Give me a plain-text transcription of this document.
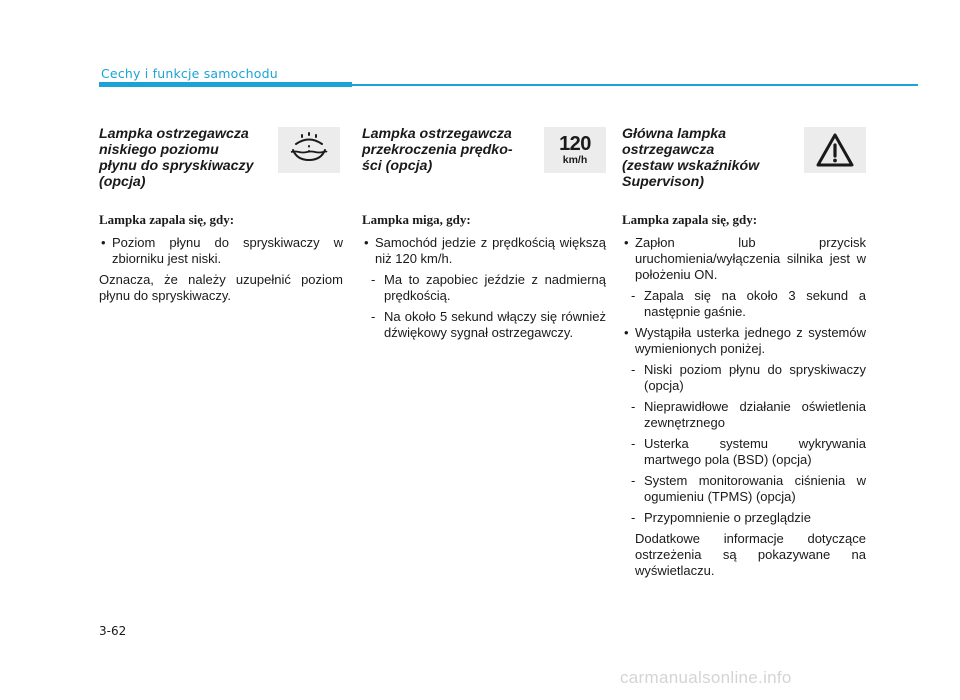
Cechy i funkcje samochodu
Lampka ostrzegawcza
niskiego poziomu
płynu do spryskiwaczy
(opcja)
Lampka zapala się, gdy:
• Poziom płynu do spryskiwaczy w zbiorniku jest niski.
Oznacza, że należy uzupełnić poziom płynu do spryskiwaczy.
Lampka ostrzegawcza
przekroczenia prędko-
ści (opcja)
120
km/h
Lampka miga, gdy:
• Samochód jedzie z prędkością większą niż 120 km/h.
- Ma to zapobiec jeździe z nadmierną prędkością.
- Na około 5 sekund włączy się również dźwiękowy sygnał ostrzegawczy.
Główna lampka
ostrzegawcza
(zestaw wskaźników
Supervison)
Lampka zapala się, gdy:
• Zapłon lub przycisk uruchomienia/wyłączenia silnika jest w położeniu ON.
- Zapala się na około 3 sekund a następnie gaśnie.
• Wystąpiła usterka jednego z systemów wymienionych poniżej.
- Niski poziom płynu do spryskiwaczy (opcja)
- Nieprawidłowe działanie oświetlenia zewnętrznego
- Usterka systemu wykrywania martwego pola (BSD) (opcja)
- System monitorowania ciśnienia w ogumieniu (TPMS) (opcja)
- Przypomnienie o przeglądzie
Dodatkowe informacje dotyczące ostrzeżenia są pokazywane na wyświetlaczu.
3-62
carmanualsonline.info
